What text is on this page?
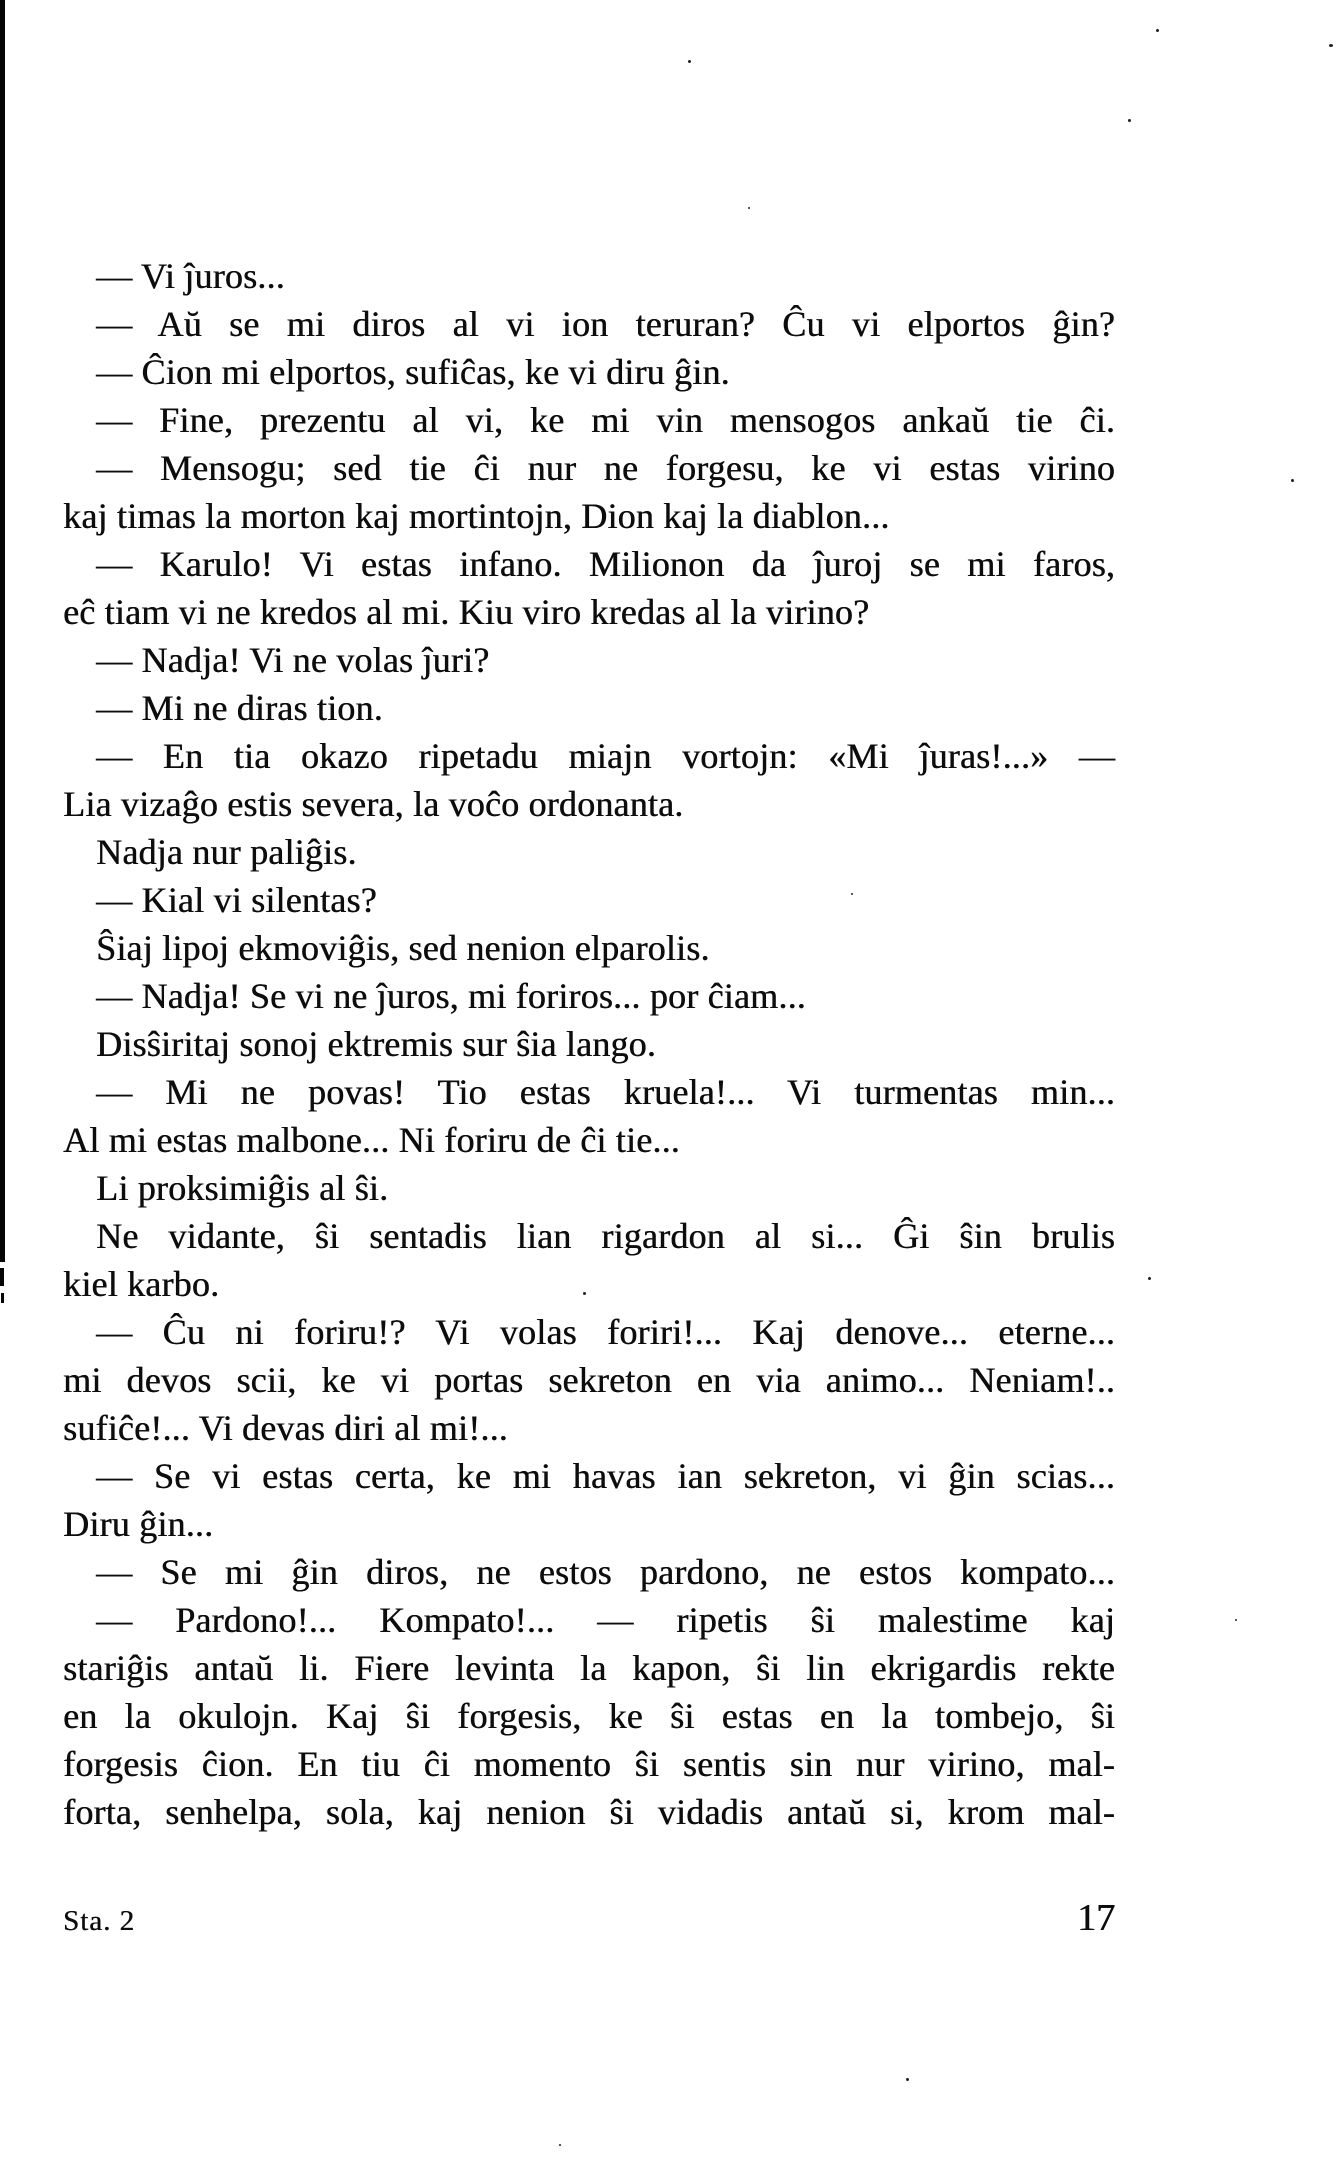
— Vi ĵuros...
— Aŭ se mi diros al vi ion teruran? Ĉu vi elportos ĝin?
— Ĉion mi elportos, sufiĉas, ke vi diru ĝin.
— Fine, prezentu al vi, ke mi vin mensogos ankaŭ tie ĉi.
— Mensogu; sed tie ĉi nur ne forgesu, ke vi estas virino
kaj timas la morton kaj mortintojn, Dion kaj la diablon...
— Karulo! Vi estas infano. Milionon da ĵuroj se mi faros,
eĉ tiam vi ne kredos al mi. Kiu viro kredas al la virino?
— Nadja! Vi ne volas ĵuri?
— Mi ne diras tion.
— En tia okazo ripetadu miajn vortojn: «Mi ĵuras!...» —
Lia vizaĝo estis severa, la voĉo ordonanta.
Nadja nur paliĝis.
— Kial vi silentas?
Ŝiaj lipoj ekmoviĝis, sed nenion elparolis.
— Nadja! Se vi ne ĵuros, mi foriros... por ĉiam...
Disŝiritaj sonoj ektremis sur ŝia lango.
— Mi ne povas! Tio estas kruela!... Vi turmentas min...
Al mi estas malbone... Ni foriru de ĉi tie...
Li proksimiĝis al ŝi.
Ne vidante, ŝi sentadis lian rigardon al si... Ĝi ŝin brulis
kiel karbo.
— Ĉu ni foriru!? Vi volas foriri!... Kaj denove... eterne...
mi devos scii, ke vi portas sekreton en via animo... Neniam!..
sufiĉe!... Vi devas diri al mi!...
— Se vi estas certa, ke mi havas ian sekreton, vi ĝin scias...
Diru ĝin...
— Se mi ĝin diros, ne estos pardono, ne estos kompato...
— Pardono!... Kompato!... — ripetis ŝi malestime kaj
stariĝis antaŭ li. Fiere levinta la kapon, ŝi lin ekrigardis rekte
en la okulojn. Kaj ŝi forgesis, ke ŝi estas en la tombejo, ŝi
forgesis ĉion. En tiu ĉi momento ŝi sentis sin nur virino, mal-
forta, senhelpa, sola, kaj nenion ŝi vidadis antaŭ si, krom mal-
Sta. 2	17
